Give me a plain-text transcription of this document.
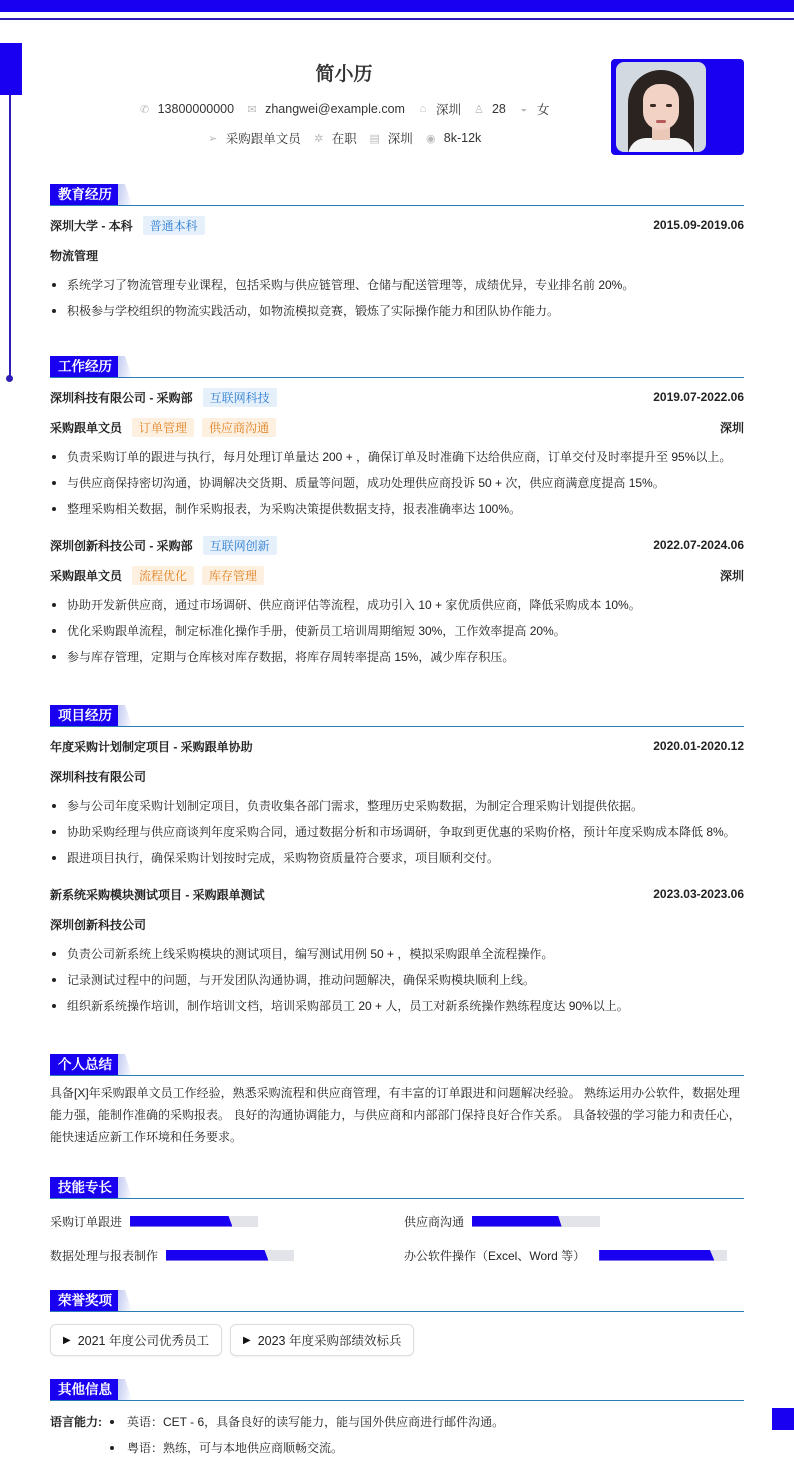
简小历
✆ 13800000000 ✉ zhangwei@example.com ⌂ 深圳 ♙ 28 ◒ 女
➢ 采购跟单文员 ✲ 在职 ▤ 深圳 ◉ 8k-12k
教育经历
深圳大学 - 本科 普通本科	2015.09-2019.06
物流管理
系统学习了物流管理专业课程，包括采购与供应链管理、仓储与配送管理等，成绩优异，专业排名前 20%。
积极参与学校组织的物流实践活动，如物流模拟竞赛，锻炼了实际操作能力和团队协作能力。
工作经历
深圳科技有限公司 - 采购部 互联网科技	2019.07-2022.06
采购跟单文员 订单管理 供应商沟通	深圳
负责采购订单的跟进与执行，每月处理订单量达 200 + ，确保订单及时准确下达给供应商，订单交付及时率提升至 95%以上。
与供应商保持密切沟通，协调解决交货期、质量等问题，成功处理供应商投诉 50 + 次，供应商满意度提高 15%。
整理采购相关数据，制作采购报表，为采购决策提供数据支持，报表准确率达 100%。
深圳创新科技公司 - 采购部 互联网创新	2022.07-2024.06
采购跟单文员 流程优化 库存管理	深圳
协助开发新供应商，通过市场调研、供应商评估等流程，成功引入 10 + 家优质供应商，降低采购成本 10%。
优化采购跟单流程，制定标准化操作手册，使新员工培训周期缩短 30%，工作效率提高 20%。
参与库存管理，定期与仓库核对库存数据，将库存周转率提高 15%，减少库存积压。
项目经历
年度采购计划制定项目 - 采购跟单协助	2020.01-2020.12
深圳科技有限公司
参与公司年度采购计划制定项目，负责收集各部门需求，整理历史采购数据，为制定合理采购计划提供依据。
协助采购经理与供应商谈判年度采购合同，通过数据分析和市场调研，争取到更优惠的采购价格，预计年度采购成本降低 8%。
跟进项目执行，确保采购计划按时完成，采购物资质量符合要求，项目顺利交付。
新系统采购模块测试项目 - 采购跟单测试	2023.03-2023.06
深圳创新科技公司
负责公司新系统上线采购模块的测试项目，编写测试用例 50 + ，模拟采购跟单全流程操作。
记录测试过程中的问题，与开发团队沟通协调，推动问题解决，确保采购模块顺利上线。
组织新系统操作培训，制作培训文档，培训采购部员工 20 + 人，员工对新系统操作熟练程度达 90%以上。
个人总结
具备[X]年采购跟单文员工作经验，熟悉采购流程和供应商管理，有丰富的订单跟进和问题解决经验。 熟练运用办公软件，数据处理能力强，能制作准确的采购报表。 良好的沟通协调能力，与供应商和内部部门保持良好合作关系。 具备较强的学习能力和责任心，能快速适应新工作环境和任务要求。
技能专长
采购订单跟进	供应商沟通
数据处理与报表制作	办公软件操作（Excel、Word 等）
荣誉奖项
▶ 2021 年度公司优秀员工	▶ 2023 年度采购部绩效标兵
其他信息
语言能力:	英语：CET - 6，具备良好的读写能力，能与国外供应商进行邮件沟通。
粤语：熟练，可与本地供应商顺畅交流。
